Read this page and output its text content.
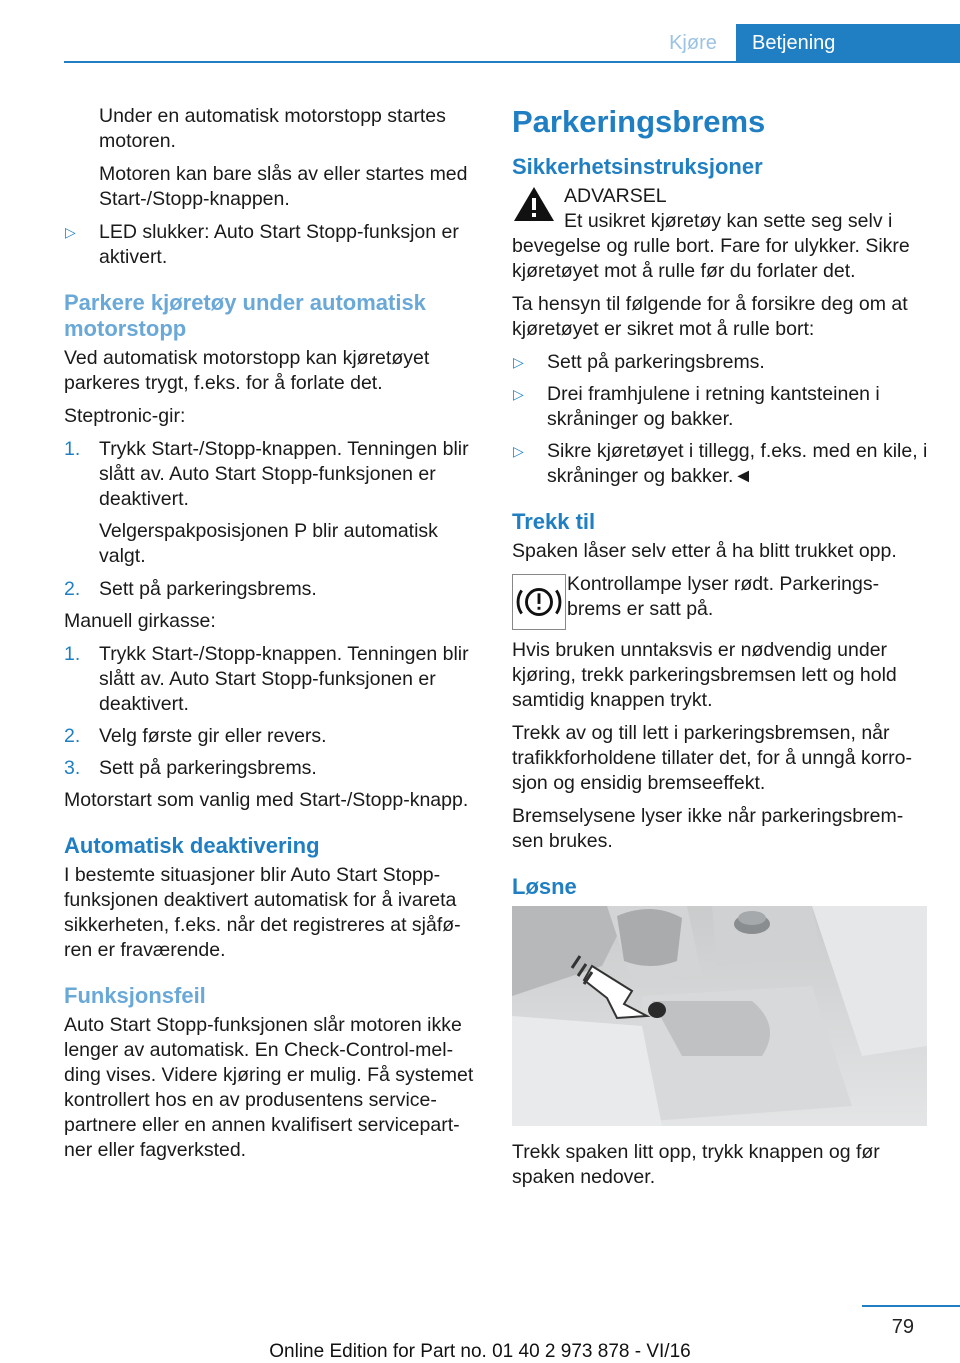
Kjøre	Betjening

Under en automatisk motorstopp startes motoren.

Motoren kan bare slås av eller startes med Start-/Stopp-knappen.

▷ LED slukker: Auto Start Stopp-funksjon er aktivert.
Parkere kjøretøy under automatisk motorstopp

Ved automatisk motorstopp kan kjøretøyet parkeres trygt, f.eks. for å forlate det.

Steptronic-gir:

1. Trykk Start-/Stopp-knappen. Tenningen blir slått av. Auto Start Stopp-funksjonen er deaktivert.

Velgerspakposisjonen P blir automatisk valgt.

2. Sett på parkeringsbrems.

Manuell girkasse:

1. Trykk Start-/Stopp-knappen. Tenningen blir slått av. Auto Start Stopp-funksjonen er deaktivert.
2. Velg første gir eller revers.
3. Sett på parkeringsbrems.

Motorstart som vanlig med Start-/Stopp-knapp.

Automatisk deaktivering

I bestemte situasjoner blir Auto Start Stopp-funksjonen deaktivert automatisk for å ivareta sikkerheten, f.eks. når det registreres at sjåfø-ren er fraværende.

Funksjonsfeil

Auto Start Stopp-funksjonen slår motoren ikke lenger av automatisk. En Check-Control-mel-ding vises. Videre kjøring er mulig. Få systemet kontrollert hos en av produsentens service-partnere eller en annen kvalifisert servicepart-ner eller fagverksted.

Parkeringsbrems
Sikkerhetsinstruksjoner
ADVARSEL

Et usikret kjøretøy kan sette seg selv i bevegelse og rulle bort. Fare for ulykker. Sikre kjøretøyet mot å rulle før du forlater det.

Ta hensyn til følgende for å forsikre deg om at kjøretøyet er sikret mot å rulle bort:

▷ Sett på parkeringsbrems.
▷ Drei framhjulene i retning kantsteinen i skråninger og bakker.
▷ Sikre kjøretøyet i tillegg, f.eks. med en kile, i skråninger og bakker.◄
Trekk til

Spaken låser selv etter å ha blitt trukket opp.

Kontrollampe lyser rødt. Parkerings-brems er satt på.

Hvis bruken unntaksvis er nødvendig under kjøring, trekk parkeringsbremsen lett og hold samtidig knappen trykt.

Trekk av og till lett i parkeringsbremsen, når trafikkforholdene tillater det, for å unngå korro-sjon og ensidig bremseeffekt.

Bremselysene lyser ikke når parkeringsbrem-sen brukes.

Løsne

Trekk spaken litt opp, trykk knappen og før spaken nedover.

79
Online Edition for Part no. 01 40 2 973 878 - VI/16
